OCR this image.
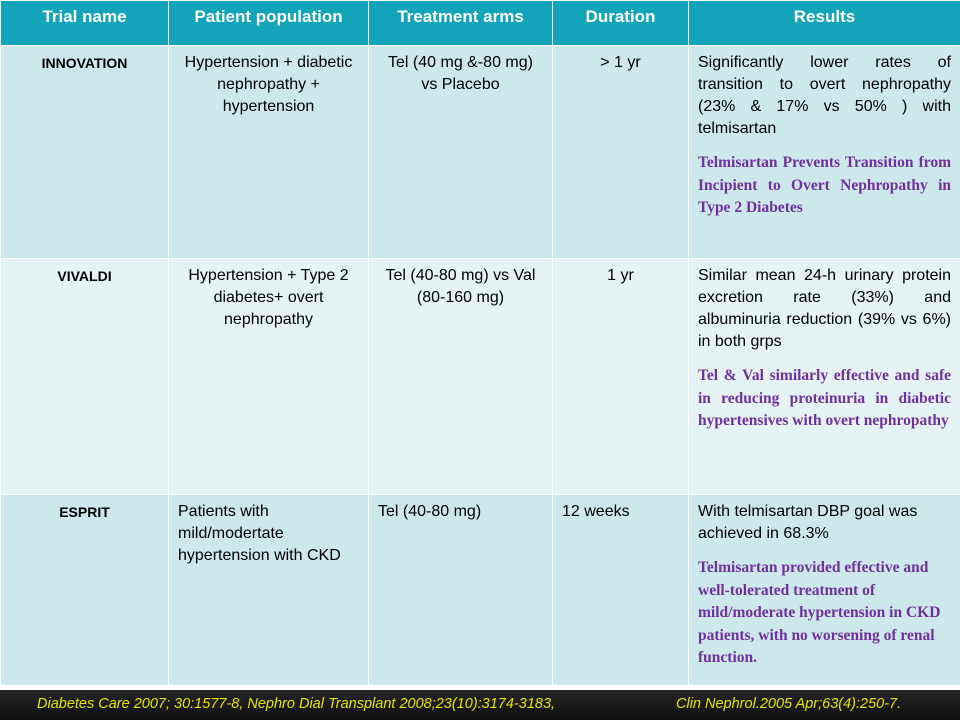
Trial name	Patient population	Treatment arms	Duration	Results
INNOVATION	Hypertension + diabetic nephropathy + hypertension	Tel (40 mg &-80 mg) vs Placebo	> 1 yr	Significantly lower rates of transition to overt nephropathy (23% & 17% vs 50% ) with telmisartan
Telmisartan Prevents Transition from Incipient to Overt Nephropathy in Type 2 Diabetes

VIVALDI	Hypertension + Type 2 diabetes+ overt nephropathy	Tel (40-80 mg) vs Val (80-160 mg)	1 yr	Similar mean 24-h urinary protein excretion rate (33%) and albuminuria reduction (39% vs 6%) in both grps
Tel & Val similarly effective and safe in reducing proteinuria in diabetic hypertensives with overt nephropathy

ESPRIT	Patients with mild/modertate hypertension with CKD	Tel (40-80 mg)	12 weeks	With telmisartan DBP goal was achieved in 68.3%
Telmisartan provided effective and well-tolerated treatment of mild/moderate hypertension in CKD patients, with no worsening of renal function.
Diabetes Care 2007; 30:1577-8, Nephro Dial Transplant 2008;23(10):3174-3183,	Clin Nephrol.2005 Apr;63(4):250-7.
